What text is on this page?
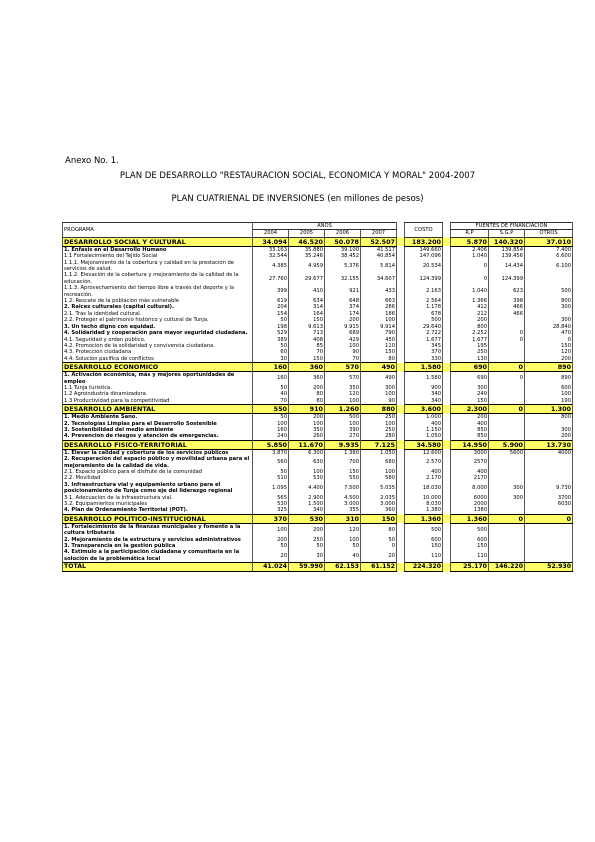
Anexo No. 1.
PLAN DE DESARROLLO "RESTAURACION SOCIAL, ECONOMICA Y MORAL" 2004-2007
PLAN CUATRIENAL DE INVERSIONES (en millones de pesos)
PROGRAMA	AÑOS					COSTO		FUENTES DE FINANCIACION		
	2004	2005	2006	2007				R.P	S.G.P	OTROS
DESARROLLO SOCIAL Y CULTURAL	34.094	46.520	50.078	52.507		183.200		5.870	140.320	37.010
1. Enfasis en el Desarrollo Humano	33.163	35.880	39.100	41.517		149.660		2.406	139.854	7.400
1.1 Fortalecimiento del Tejido Social	32.544	35.246	38.452	40.854		147.096		1.040	139.456	6.600
1.1.1. Mejoramiento de la cobertura y calidad en la prestación de servicios de salud.	4.385	4.959	5.376	5.814		20.534		0	14.434	6.100
1.1.2. Elevación de la cobertura y mejoramiento de la calidad de la educación.	27.760	29.677	32.155	34.607		124.399		0	124.399	
1.1.3. Aprovechamiento del tiempo libre a través del deporte y la recreación.	399	410	921	433		2.163		1.040	623	500
1.2. Rescate de la población más vulnerable	619	634	648	663		2.564		1.366	398	800
2. Raices culturales (capital cultural).	204	314	374	286		1.178		412	466	300
2.1. Tras la identidad cultural.	154	164	174	186		678		212	466	
2.2. Proteger el patrimonio histórico y cultural de Tunja.	50	150	200	100		500		200		300
3. Un techo digno con equidad.	198	9.613	9.915	9.914		29.640		800		28.840
4. Solidaridad y cooperación para mayor seguridad ciudadana.	529	713	689	790		2.722		2.252	0	470
4.1. Seguridad y orden público.	389	408	429	450		1.677		1.677	0	0
4.2. Promoción de la solidaridad y convivencia ciudadana.	50	85	100	110		345		195		150
4.3. Protección ciudadana	60	70	90	150		370		250		120
4.4. Solución pacífica de conflictos	30	150	70	80		330		130		200
DESARROLLO ECONOMICO	160	360	570	490		1.580		690	0	890
1. Activación económica, más y mejores oportunidades de empleo	160	360	570	490		1.580		690	0	890
1.1 Tunja turística.	50	200	350	300		900		300		600
1.2 Agroindustria dinamizadora.	40	80	120	100		340		240		100
1.3 Productividad para la competitividad	70	80	100	90		340		150		190
DESARROLLO AMBIENTAL	550	910	1.260	880		3.600		2.300	0	1.300
1. Medio Ambiente Sano.	50	200	500	250		1.000		200		800
2. Tecnologías Limpias para el Desarrollo Sostenible	100	100	100	100		400		400		
3. Sostenibilidad del medio ambiente	160	350	390	250		1.150		850		300
4. Prevencion de riesgos y atención de emergencias.	240	260	270	280		1.050		850		200
DESARROLLO FISICO-TERRITORIAL	5.850	11.670	9.935	7.125		34.580		14.950	5.900	13.730
1. Elevar la calidad y cobertura de los servicios públicos	3.870	6.300	1.380	1.050		12.600		3000	5600	4000
2. Recuperación del espacio público y movilidad urbana para el mejoramiento de la calidad de vida.	560	630	700	680		2.570		2570		
2.1. Espacio público para el disfrute de la comunidad	50	100	150	100		400		400		
2.2. Movilidad	510	530	550	580		2.170		2170		
3. Infraestructura vial y equipamiento urbano para el posicionamiento de Tunja como eje del liderazgo regional	1.095	4.400	7.500	5.035		18.030		8.000	300	9.730
3.1. Adecuación de la infraestructura vial.	565	2.900	4.500	2.035		10.000		6000	300	3700
3.2. Equipamientos municipales	530	1.500	3.000	3.000		8.030		2000		6030
4. Plan de Ordenamiento Territorial (POT).	325	340	355	360		1.380		1380		
DESARROLLO POLITICO-INSTITUCIONAL	370	530	310	150		1.360		1.360	0	0
1. Fortalecimiento de la finanzas municipales y fomento a la cultura tributaria	100	200	120	80		500		500		
2. Mejoramiento de la estructura y servicios administrativos	200	250	100	50		600		600		
3. Transparencia en la gestión pública	50	50	50	0		150		150		
4. Estimulo a la participación ciudadana y comunitaria en la solución de la problemática local	20	30	40	20		110		110		
TOTAL	41.024	59.990	62.153	61.152		224.320		25.170	146.220	52.930
